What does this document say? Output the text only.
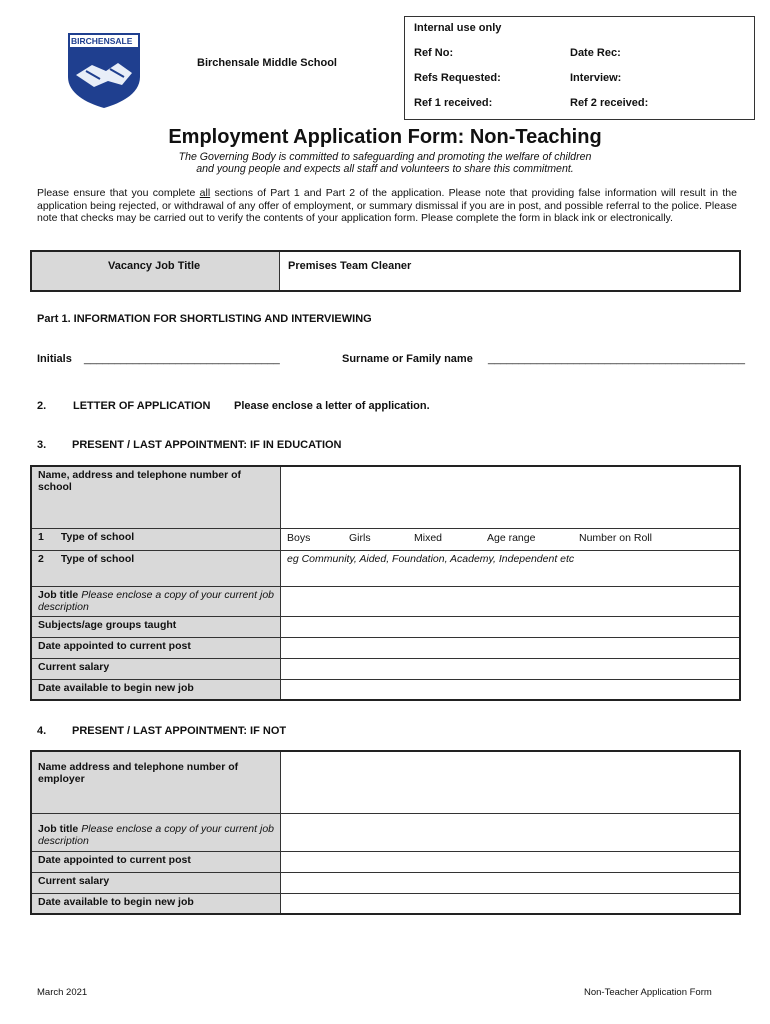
BIRCHENSALE
Birchensale Middle School
Internal use only
Ref No:	Date Rec:
Refs Requested:	Interview:
Ref 1 received:	Ref 2 received:
Employment Application Form: Non-Teaching
The Governing Body is committed to safeguarding and promoting the welfare of children
and young people and expects all staff and volunteers to share this commitment.
Please ensure that you complete all sections of Part 1 and Part 2 of the application. Please note that providing false information will result in the application being rejected, or withdrawal of any offer of employment, or summary dismissal if you are in post, and possible referral to the police. Please note that checks may be carried out to verify the contents of your application form. Please complete the form in black ink or electronically.
Vacancy Job Title	Premises Team Cleaner
Part 1. INFORMATION FOR SHORTLISTING AND INTERVIEWING
Initials ________________________________	Surname or Family name __________________________________________
2. LETTER OF APPLICATION Please enclose a letter of application.
3. PRESENT / LAST APPOINTMENT: IF IN EDUCATION
Name, address and telephone number of school	
1 Type of school	Boys Girls Mixed Age range Number on Roll

2 Type of school	eg Community, Aided, Foundation, Academy, Independent etc
Job title Please enclose a copy of your current job description	
Subjects/age groups taught	
Date appointed to current post	
Current salary	
Date available to begin new job	
4. PRESENT / LAST APPOINTMENT: IF NOT
Name address and telephone number of employer	
Job title Please enclose a copy of your current job description	
Date appointed to current post	
Current salary	
Date available to begin new job	
March 2021	Non-Teacher Application Form
